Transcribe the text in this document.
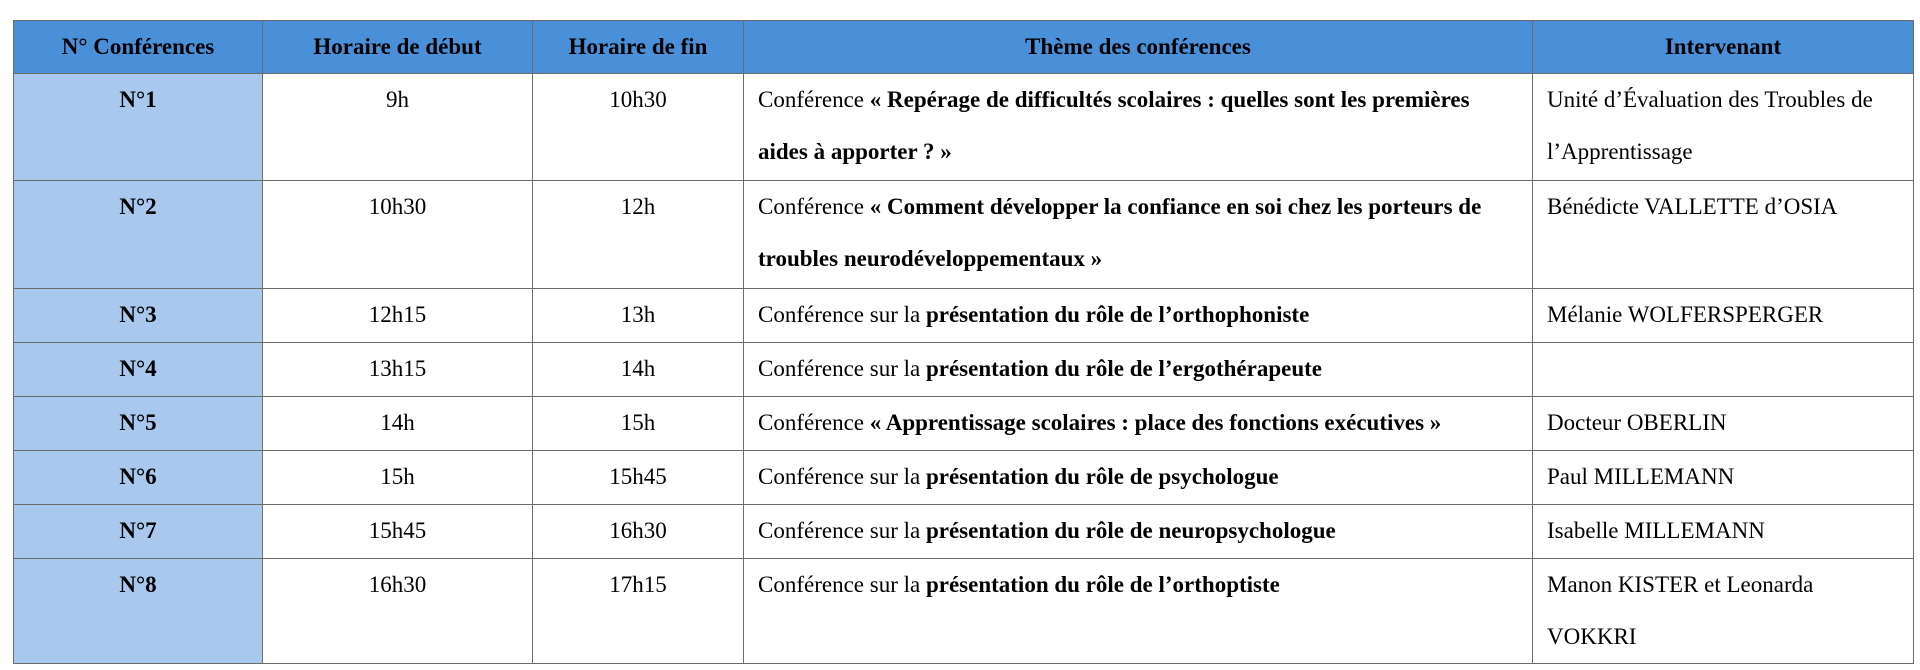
N° Conférences	Horaire de début	Horaire de fin	Thème des conférences	Intervenant
N°1	9h	10h30	Conférence « Repérage de difficultés scolaires : quelles sont les premières aides à apporter ? »	Unité d’Évaluation des Troubles de l’Apprentissage
N°2	10h30	12h	Conférence « Comment développer la confiance en soi chez les porteurs de troubles neurodéveloppementaux »	Bénédicte VALLETTE d’OSIA
N°3	12h15	13h	Conférence sur la présentation du rôle de l’orthophoniste	Mélanie WOLFERSPERGER
N°4	13h15	14h	Conférence sur la présentation du rôle de l’ergothérapeute	
N°5	14h	15h	Conférence « Apprentissage scolaires : place des fonctions exécutives »	Docteur OBERLIN
N°6	15h	15h45	Conférence sur la présentation du rôle de psychologue	Paul MILLEMANN
N°7	15h45	16h30	Conférence sur la présentation du rôle de neuropsychologue	Isabelle MILLEMANN
N°8	16h30	17h15	Conférence sur la présentation du rôle de l’orthoptiste	Manon KISTER et Leonarda VOKKRI
